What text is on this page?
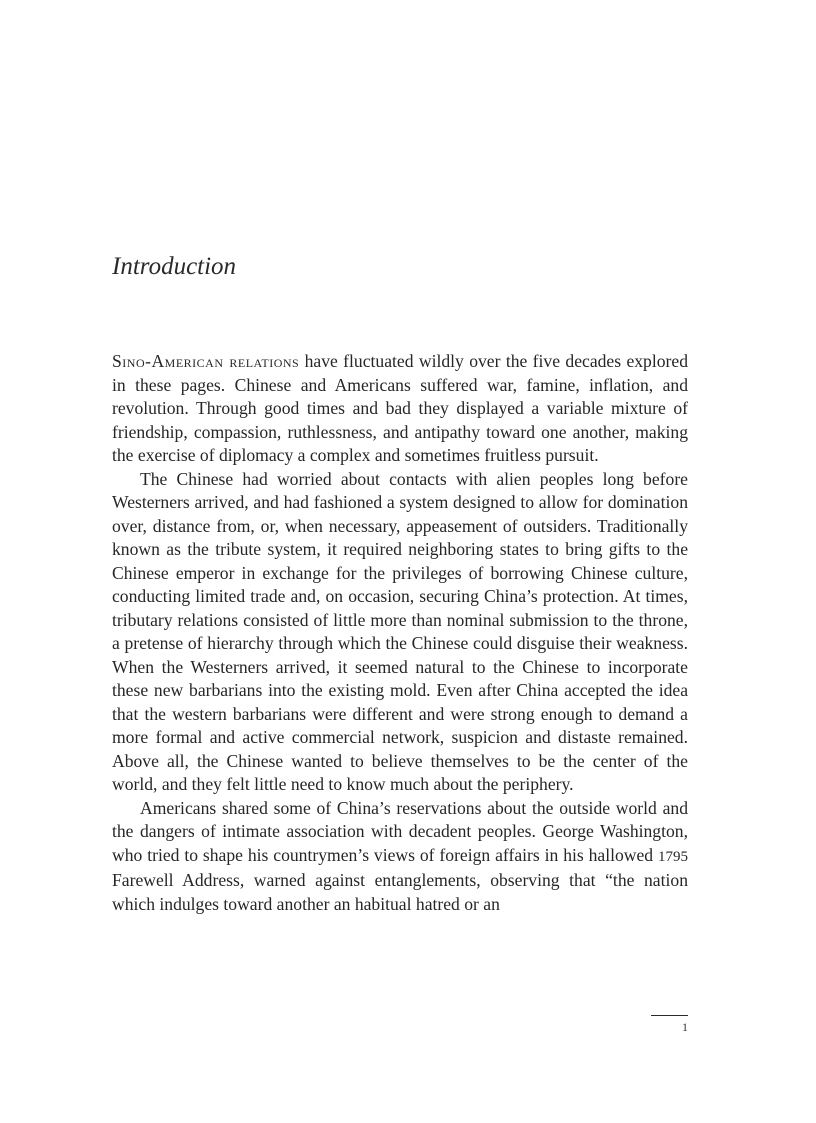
Introduction

Sino-American relations have fluctuated wildly over the five decades explored in these pages. Chinese and Americans suffered war, famine, inflation, and revolution. Through good times and bad they displayed a variable mixture of friendship, compassion, ruthlessness, and antipathy toward one another, making the exercise of diplomacy a complex and sometimes fruitless pursuit.

The Chinese had worried about contacts with alien peoples long before Westerners arrived, and had fashioned a system designed to allow for domination over, distance from, or, when necessary, appeasement of outsiders. Traditionally known as the tribute system, it required neighboring states to bring gifts to the Chinese emperor in exchange for the privileges of borrowing Chinese culture, conducting limited trade and, on occasion, securing China’s protection. At times, tributary relations consisted of little more than nominal submission to the throne, a pretense of hierarchy through which the Chinese could disguise their weakness. When the Westerners arrived, it seemed natural to the Chinese to incorporate these new barbarians into the existing mold. Even after China accepted the idea that the western barbarians were different and were strong enough to demand a more formal and active commercial network, suspicion and distaste remained. Above all, the Chinese wanted to believe themselves to be the center of the world, and they felt little need to know much about the periphery.

Americans shared some of China’s reservations about the outside world and the dangers of intimate association with decadent peoples. George Washington, who tried to shape his countrymen’s views of foreign affairs in his hallowed 1795 Farewell Address, warned against entanglements, observing that “the nation which indulges toward another an habitual hatred or an

1
